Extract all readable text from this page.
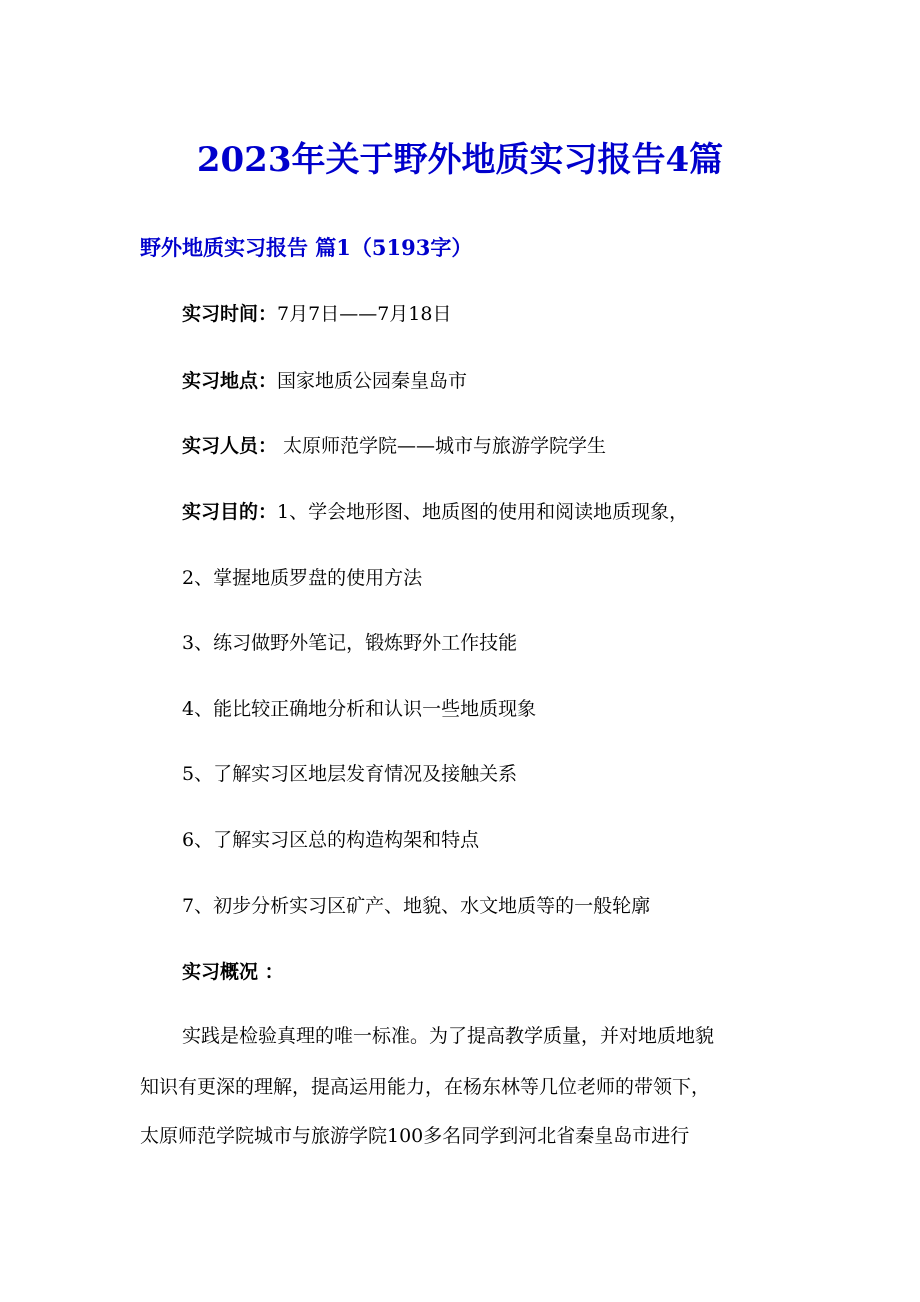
2023年关于野外地质实习报告4篇
野外地质实习报告 篇1（5193字）
实习时间：7月7日——7月18日
实习地点：国家地质公园秦皇岛市
实习人员： 太原师范学院——城市与旅游学院学生
实习目的：1、学会地形图、地质图的使用和阅读地质现象，
2、掌握地质罗盘的使用方法
3、练习做野外笔记，锻炼野外工作技能
4、能比较正确地分析和认识一些地质现象
5、了解实习区地层发育情况及接触关系
6、了解实习区总的构造构架和特点
7、初步分析实习区矿产、地貌、水文地质等的一般轮廓
实习概况 ：
实践是检验真理的唯一标准。为了提高教学质量，并对地质地貌
知识有更深的理解，提高运用能力，在杨东林等几位老师的带领下，
太原师范学院城市与旅游学院100多名同学到河北省秦皇岛市进行
